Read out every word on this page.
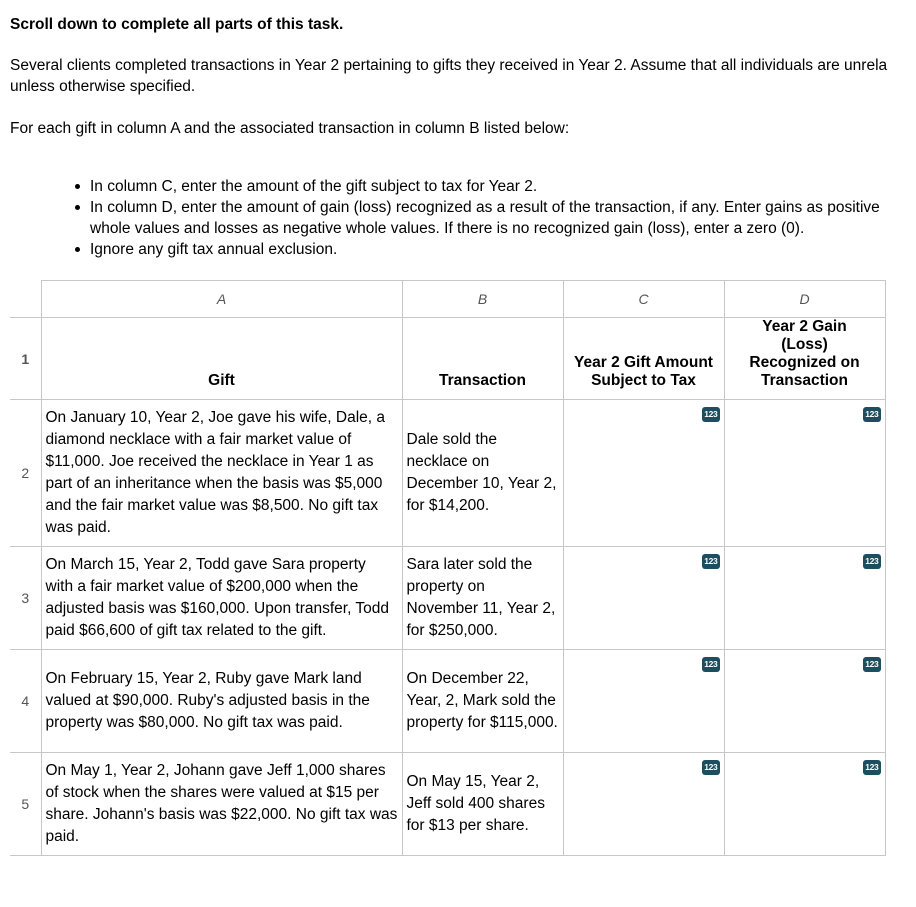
Scroll down to complete all parts of this task.
Several clients completed transactions in Year 2 pertaining to gifts they received in Year 2. Assume that all individuals are unrela
unless otherwise specified.
For each gift in column A and the associated transaction in column B listed below:
In column C, enter the amount of the gift subject to tax for Year 2.
In column D, enter the amount of gain (loss) recognized as a result of the transaction, if any. Enter gains as positive whole values and losses as negative whole values. If there is no recognized gain (loss), enter a zero (0).
Ignore any gift tax annual exclusion.
	A	B	C	D
1	Gift	Transaction	Year 2 Gift Amount Subject to Tax	Year 2 Gain (Loss) Recognized on Transaction
2	On January 10, Year 2, Joe gave his wife, Dale, a diamond necklace with a fair market value of $11,000. Joe received the necklace in Year 1 as part of an inheritance when the basis was $5,000 and the fair market value was $8,500. No gift tax was paid.	Dale sold the necklace on December 10, Year 2, for $14,200.	123	123

3	On March 15, Year 2, Todd gave Sara property with a fair market value of $200,000 when the adjusted basis was $160,000. Upon transfer, Todd paid $66,600 of gift tax related to the gift.	Sara later sold the property on November 11, Year 2, for $250,000.	123	123

4	On February 15, Year 2, Ruby gave Mark land valued at $90,000. Ruby's adjusted basis in the property was $80,000. No gift tax was paid.	On December 22, Year, 2, Mark sold the property for $115,000.	123	123

5	On May 1, Year 2, Johann gave Jeff 1,000 shares of stock when the shares were valued at $15 per share. Johann's basis was $22,000. No gift tax was paid.	On May 15, Year 2, Jeff sold 400 shares for $13 per share.	123	123
